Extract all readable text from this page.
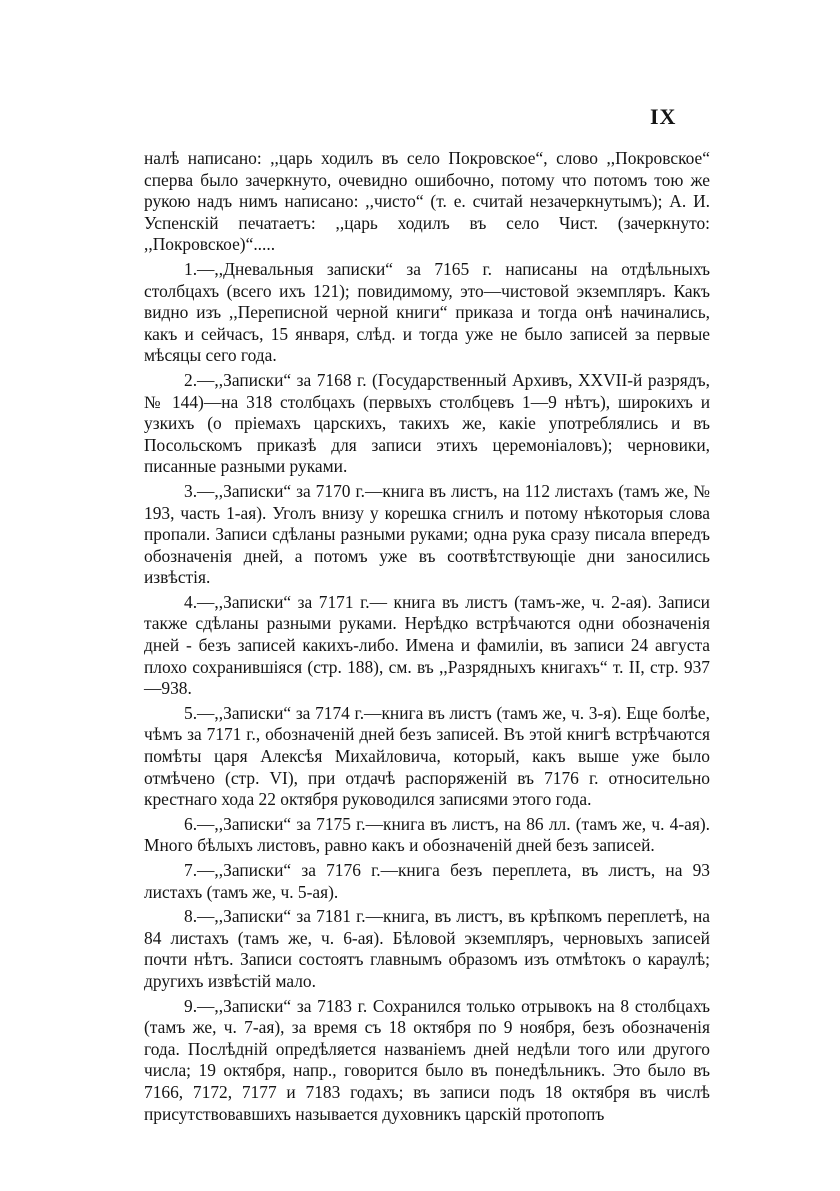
IX

налѣ написано: ,,царь ходилъ въ село Покровское“, слово ,,Покровское“ сперва было зачеркнуто, очевидно ошибочно, потому что потомъ тою же рукою надъ нимъ написано: ,,чисто“ (т. е. считай незачеркнутымъ); А. И. Успенскій печатаетъ: ,,царь ходилъ въ село Чист. (зачеркнуто: ,,Покровское)“.....

1.—,,Дневальныя записки“ за 7165 г. написаны на отдѣльныхъ столбцахъ (всего ихъ 121); повидимому, это—чистовой экземпляръ. Какъ видно изъ ,,Переписной черной книги“ приказа и тогда онѣ начинались, какъ и сейчасъ, 15 января, слѣд. и тогда уже не было записей за первые мѣсяцы сего года.

2.—,,Записки“ за 7168 г. (Государственный Архивъ, XXVII-й разрядъ, № 144)—на 318 столбцахъ (первыхъ столбцевъ 1—9 нѣтъ), широкихъ и узкихъ (о пріемахъ царскихъ, такихъ же, какіе употреблялись и въ Посольскомъ приказѣ для записи этихъ церемоніаловъ); черновики, писанные разными руками.

3.—,,Записки“ за 7170 г.—книга въ листъ, на 112 листахъ (тамъ же, № 193, часть 1-ая). Уголъ внизу у корешка сгнилъ и потому нѣкоторыя слова пропали. Записи сдѣланы разными руками; одна рука сразу писала впередъ обозначенія дней, а потомъ уже въ соотвѣтствующіе дни заносились извѣстія.

4.—,,Записки“ за 7171 г.— книга въ листъ (тамъ-же, ч. 2-ая). Записи также сдѣланы разными руками. Нерѣдко встрѣчаются одни обозначенія дней - безъ записей какихъ-либо. Имена и фамиліи, въ записи 24 августа плохо сохранившіяся (стр. 188), см. въ ,,Разрядныхъ книгахъ“ т. II, стр. 937—938.

5.—,,Записки“ за 7174 г.—книга въ листъ (тамъ же, ч. 3-я). Еще болѣе, чѣмъ за 7171 г., обозначеній дней безъ записей. Въ этой книгѣ встрѣчаются помѣты царя Алексѣя Михайловича, который, какъ выше уже было отмѣчено (стр. VI), при отдачѣ распоряженій въ 7176 г. относительно крестнаго хода 22 октября руководился записями этого года.

6.—,,Записки“ за 7175 г.—книга въ листъ, на 86 лл. (тамъ же, ч. 4-ая). Много бѣлыхъ листовъ, равно какъ и обозначеній дней безъ записей.

7.—,,Записки“ за 7176 г.—книга безъ переплета, въ листъ, на 93 листахъ (тамъ же, ч. 5-ая).

8.—,,Записки“ за 7181 г.—книга, въ листъ, въ крѣпкомъ переплетѣ, на 84 листахъ (тамъ же, ч. 6-ая). Бѣловой экземпляръ, черновыхъ записей почти нѣтъ. Записи состоятъ главнымъ образомъ изъ отмѣтокъ о караулѣ; другихъ извѣстій мало.

9.—,,Записки“ за 7183 г. Сохранился только отрывокъ на 8 столбцахъ (тамъ же, ч. 7-ая), за время съ 18 октября по 9 ноября, безъ обозначенія года. Послѣдній опредѣляется названіемъ дней недѣли того или другого числа; 19 октября, напр., говорится было въ понедѣльникъ. Это было въ 7166, 7172, 7177 и 7183 годахъ; въ записи подъ 18 октября въ числѣ присутствовавшихъ называется духовникъ царскій протопопъ
